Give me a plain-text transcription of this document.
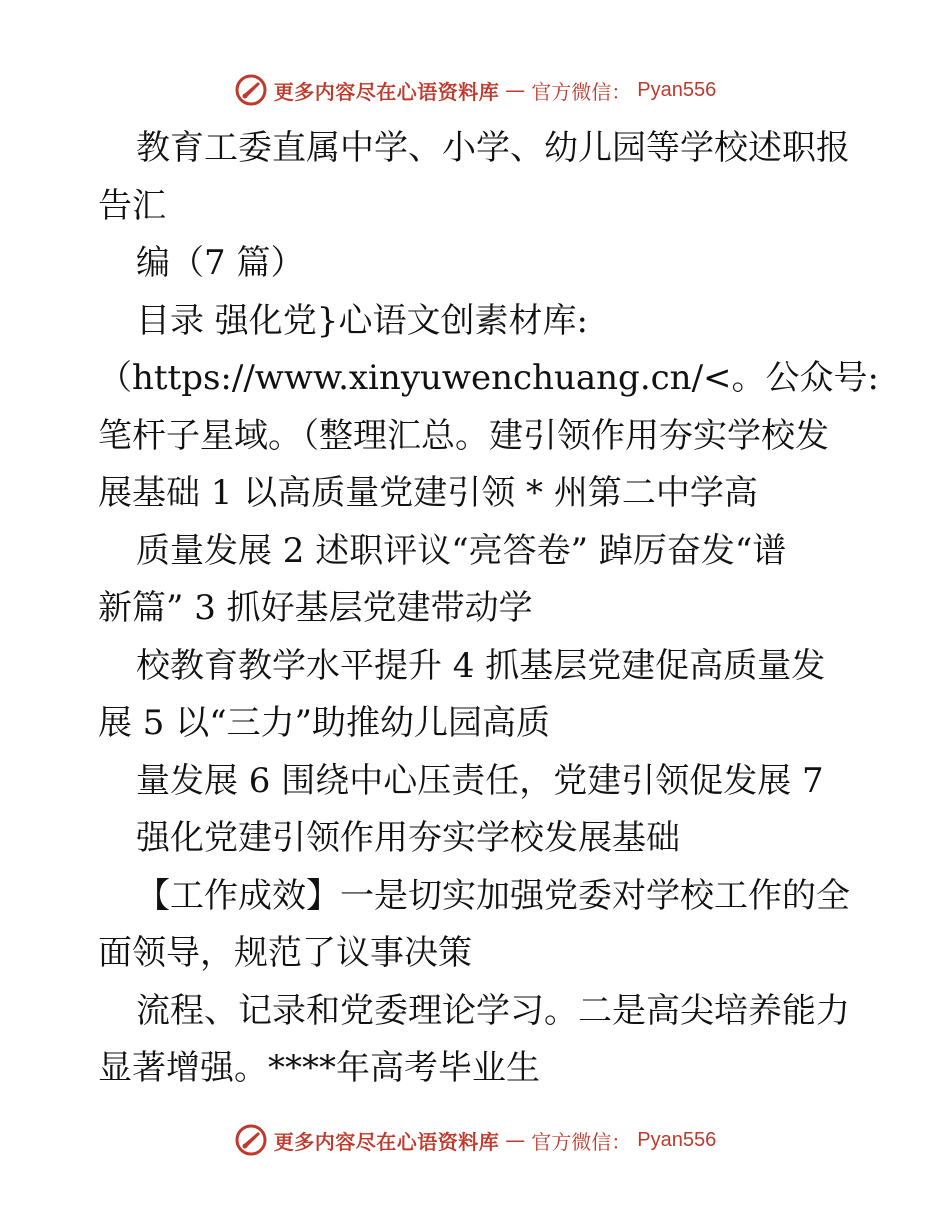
更多内容尽在心语资料库 — 官方微信： Pyan556
教育工委直属中学、小学、幼儿园等学校述职报
告汇
编（7 篇）
目录 强化党}心语文创素材库:
（https://www.xinyuwenchuang.cn/<。公众号:
笔杆子星域。（整理汇总。建引领作用夯实学校发
展基础 1 以高质量党建引领 * 州第二中学高
质量发展 2 述职评议“亮答卷” 踔厉奋发“谱
新篇” 3 抓好基层党建带动学
校教育教学水平提升 4 抓基层党建促高质量发
展 5 以“三力”助推幼儿园高质
量发展 6 围绕中心压责任，党建引领促发展 7
强化党建引领作用夯实学校发展基础
【工作成效】一是切实加强党委对学校工作的全
面领导，规范了议事决策
流程、记录和党委理论学习。二是高尖培养能力
显著增强。****年高考毕业生
更多内容尽在心语资料库 — 官方微信： Pyan556
